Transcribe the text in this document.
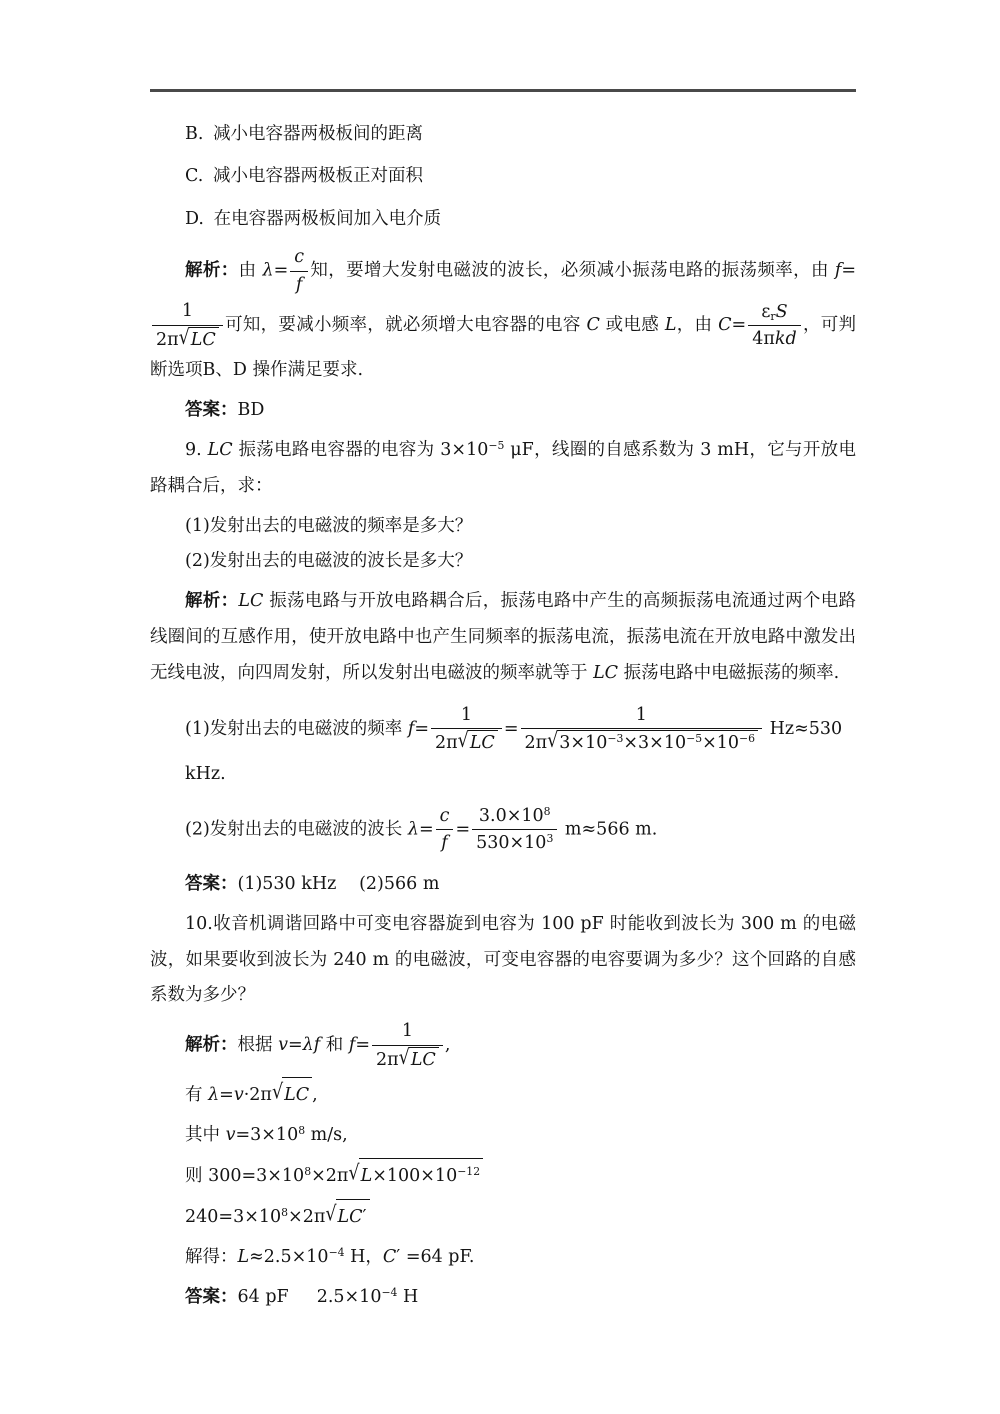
B. 减小电容器两极板间的距离
C. 减小电容器两极板正对面积
D. 在电容器两极板间加入电介质
解析：由 $\lambda= \frac{c}{f}$ 知，要增大发射电磁波的波长，必须减小振荡电路的振荡频率，由 f=
$\frac{1}{2\pi√LC}$ 可知，要减小频率，就必须增大电容器的电容 C 或电感 L，由 $C= \frac{\varepsilon_rS}{\text{4πkd}}$ ，可判断选项B、D 操作满足要求.
答案：BD
9. LC 振荡电路电容器的电容为 $3\times 10^{-5}$ μF，线圈的自感系数为 3 mH，它与开放电路耦合后，求：
(1)发射出去的电磁波的频率是多大？
(2)发射出去的电磁波的波长是多大？
解析：LC 振荡电路与开放电路耦合后，振荡电路中产生的高频振荡电流通过两个电路线圈间的互感作用，使开放电路中也产生同频率的振荡电流，振荡电流在开放电路中激发出无线电波，向四周发射，所以发射出电磁波的频率就等于 LC 振荡电路中电磁振荡的频率.
(1)发射出去的电磁波的频率 $f= \frac{1}{2\pi√LC} = \frac{1}{2\pi√3\times 10^{-3}\times 3\times 10^{-5}\times 10^{-6}} Hz\approx 530$ kHz.
(2)发射出去的电磁波的波长 $\lambda= \frac{c}{f} = \frac{3.0\times 10^8}{530\times 10^3} m\approx 566$ m.
答案：(1)530 kHz (2)566 m
10.收音机调谐回路中可变电容器旋到电容为 100 pF 时能收到波长为 300 m 的电磁波，如果要收到波长为 240 m 的电磁波，可变电容器的电容要调为多少？这个回路的自感系数为多少？
解析：根据 v=λf 和 $f= \frac{1}{2\pi√LC}$ ,
有 λ=v·2π√LC ,
其中 $v=3\times 10^8$ m/s,
则 $300=3\times 10^8\times 2\pi√L\times 100\times 10^{-12}$
$240=3\times 10^8\times 2\pi√LC'$
解得：$L\approx 2.5\times 10^{-4}$ H，C′ =64 pF.
答案：64 pF $2.5\times 10^{-4}$ H
